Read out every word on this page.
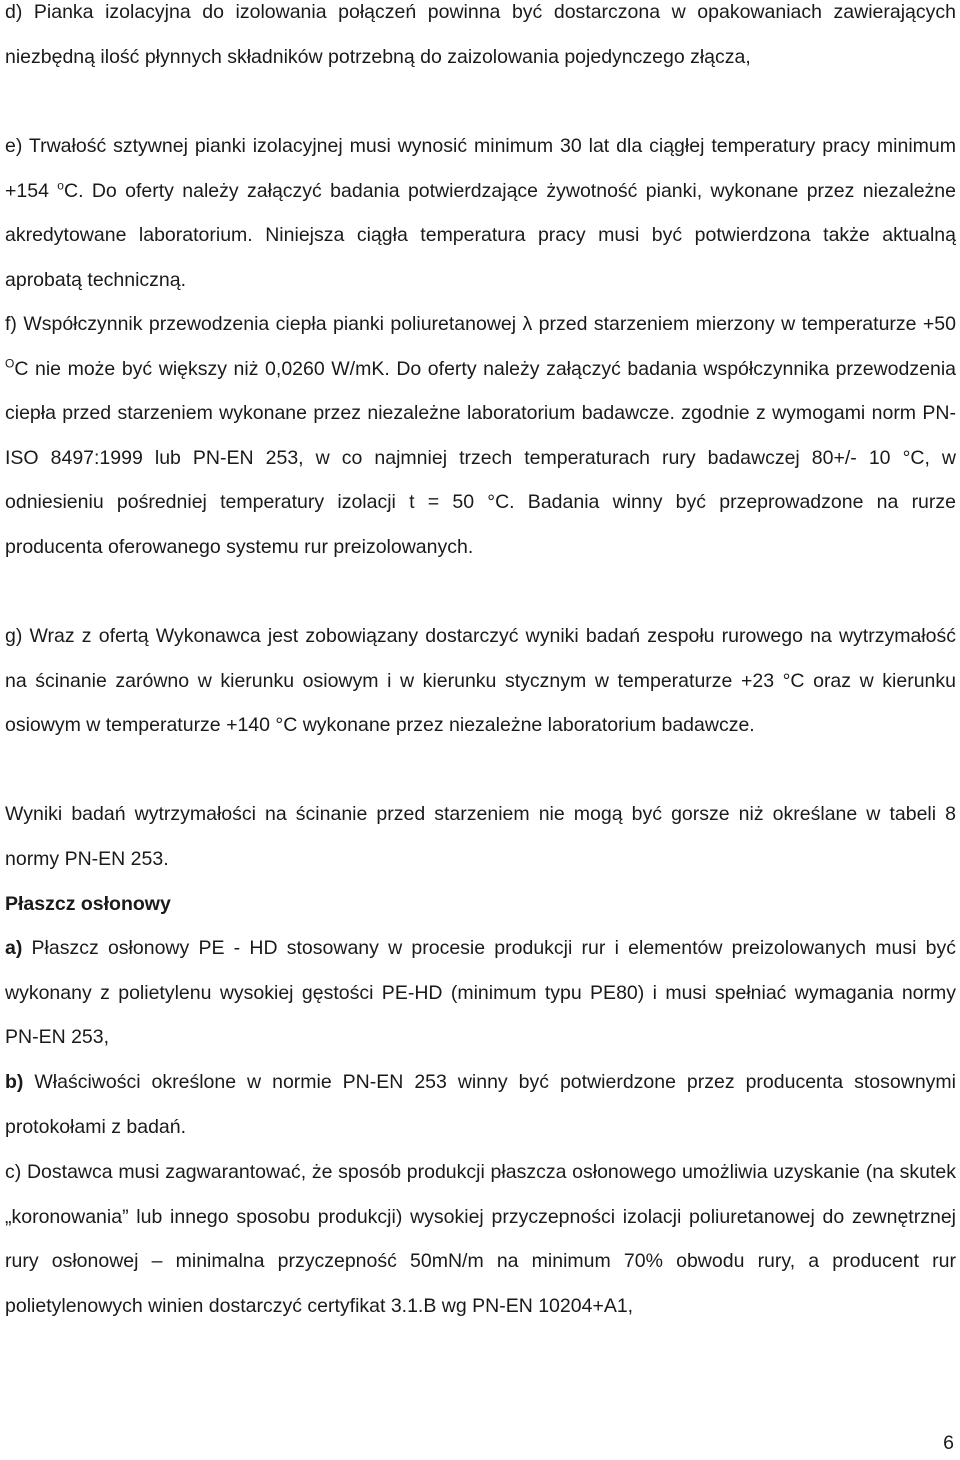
d) Pianka izolacyjna do izolowania połączeń powinna być dostarczona w opakowaniach zawierających niezbędną ilość płynnych składników potrzebną do zaizolowania pojedynczego złącza,

e) Trwałość sztywnej pianki izolacyjnej musi wynosić minimum 30 lat dla ciągłej temperatury pracy minimum +154 $^o$C. Do oferty należy załączyć badania potwierdzające żywotność pianki, wykonane przez niezależne akredytowane laboratorium. Niniejsza ciągła temperatura pracy musi być potwierdzona także aktualną aprobatą techniczną.

f) Współczynnik przewodzenia ciepła pianki poliuretanowej λ przed starzeniem mierzony w temperaturze +50 $^O$C nie może być większy niż 0,0260 W/mK. Do oferty należy załączyć badania współczynnika przewodzenia ciepła przed starzeniem wykonane przez niezależne laboratorium badawcze. zgodnie z wymogami norm PN-ISO 8497:1999 lub PN-EN 253, w co najmniej trzech temperaturach rury badawczej 80+/- 10 °C, w odniesieniu pośredniej temperatury izolacji t = 50 °C. Badania winny być przeprowadzone na rurze producenta oferowanego systemu rur preizolowanych.

g) Wraz z ofertą Wykonawca jest zobowiązany dostarczyć wyniki badań zespołu rurowego na wytrzymałość na ścinanie zarówno w kierunku osiowym i w kierunku stycznym w temperaturze +23 °C oraz w kierunku osiowym w temperaturze +140 °C wykonane przez niezależne laboratorium badawcze.

Wyniki badań wytrzymałości na ścinanie przed starzeniem nie mogą być gorsze niż określane w tabeli 8 normy PN-EN 253.

Płaszcz osłonowy

a) Płaszcz osłonowy PE - HD stosowany w procesie produkcji rur i elementów preizolowanych musi być wykonany z polietylenu wysokiej gęstości PE-HD (minimum typu PE80) i musi spełniać wymagania normy PN-EN 253,

b) Właściwości określone w normie PN-EN 253 winny być potwierdzone przez producenta stosownymi protokołami z badań.

c) Dostawca musi zagwarantować, że sposób produkcji płaszcza osłonowego umożliwia uzyskanie (na skutek „koronowania” lub innego sposobu produkcji) wysokiej przyczepności izolacji poliuretanowej do zewnętrznej rury osłonowej – minimalna przyczepność 50mN/m na minimum 70% obwodu rury, a producent rur polietylenowych winien dostarczyć certyfikat 3.1.B wg PN-EN 10204+A1,

6
